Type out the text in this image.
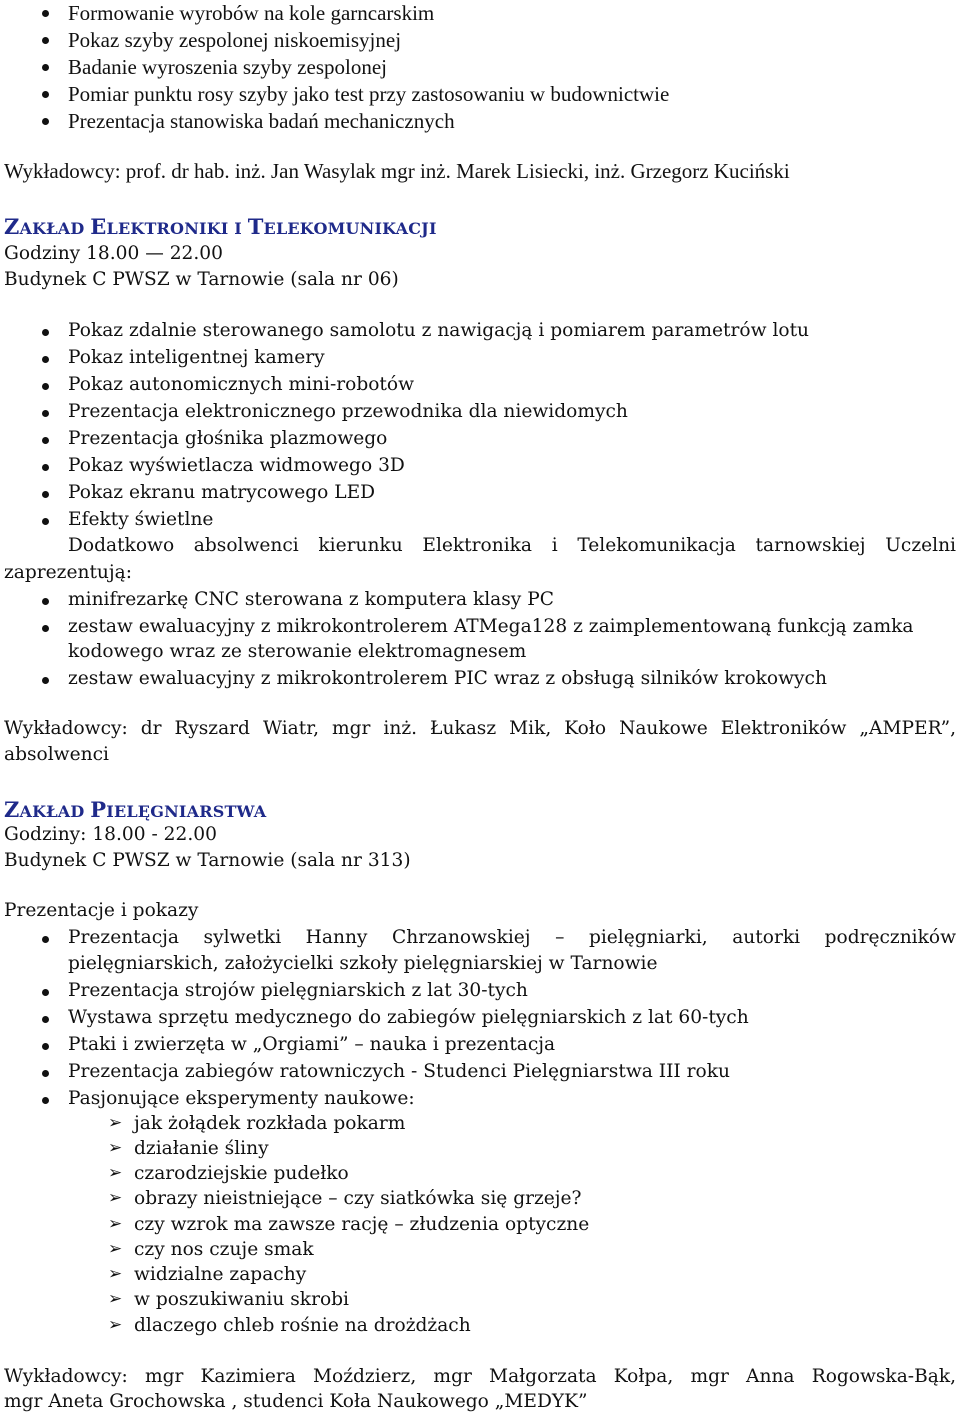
Formowanie wyrobów na kole garncarskim
Pokaz szyby zespolonej niskoemisyjnej
Badanie wyroszenia szyby zespolonej
Pomiar punktu rosy szyby jako test przy zastosowaniu w budownictwie
Prezentacja stanowiska badań mechanicznych
Wykładowcy: prof. dr hab. inż. Jan Wasylak mgr inż. Marek Lisiecki, inż. Grzegorz Kuciński
ZAKŁAD ELEKTRONIKI I TELEKOMUNIKACJI
Godziny 18.00 — 22.00
Budynek C PWSZ w Tarnowie (sala nr 06)
Pokaz zdalnie sterowanego samolotu z nawigacją i pomiarem parametrów lotu
Pokaz inteligentnej kamery
Pokaz autonomicznych mini-robotów
Prezentacja elektronicznego przewodnika dla niewidomych
Prezentacja głośnika plazmowego
Pokaz wyświetlacza widmowego 3D
Pokaz ekranu matrycowego LED
Efekty świetlne
Dodatkowo absolwenci kierunku Elektronika i Telekomunikacja tarnowskiej Uczelni
zaprezentują:
minifrezarkę CNC sterowana z komputera klasy PC
zestaw ewaluacyjny z mikrokontrolerem ATMega128 z zaimplementowaną funkcją zamka
kodowego wraz ze sterowanie elektromagnesem
zestaw ewaluacyjny z mikrokontrolerem PIC wraz z obsługą silników krokowych
Wykładowcy: dr Ryszard Wiatr, mgr inż. Łukasz Mik, Koło Naukowe Elektroników „AMPER”,
absolwenci
ZAKŁAD PIELĘGNIARSTWA
Godziny: 18.00 - 22.00
Budynek C PWSZ w Tarnowie (sala nr 313)
Prezentacje i pokazy
Prezentacja sylwetki Hanny Chrzanowskiej – pielęgniarki, autorki podręczników
pielęgniarskich, założycielki szkoły pielęgniarskiej w Tarnowie
Prezentacja strojów pielęgniarskich z lat 30-tych
Wystawa sprzętu medycznego do zabiegów pielęgniarskich z lat 60-tych
Ptaki i zwierzęta w „Orgiami” – nauka i prezentacja
Prezentacja zabiegów ratowniczych - Studenci Pielęgniarstwa III roku
Pasjonujące eksperymenty naukowe:
➢ jak żołądek rozkłada pokarm
➢ działanie śliny
➢ czarodziejskie pudełko
➢ obrazy nieistniejące – czy siatkówka się grzeje?
➢ czy wzrok ma zawsze rację – złudzenia optyczne
➢ czy nos czuje smak
➢ widzialne zapachy
➢ w poszukiwaniu skrobi
➢ dlaczego chleb rośnie na drożdżach
Wykładowcy: mgr Kazimiera Moździerz, mgr Małgorzata Kołpa, mgr Anna Rogowska-Bąk,
mgr Aneta Grochowska , studenci Koła Naukowego „MEDYK”
